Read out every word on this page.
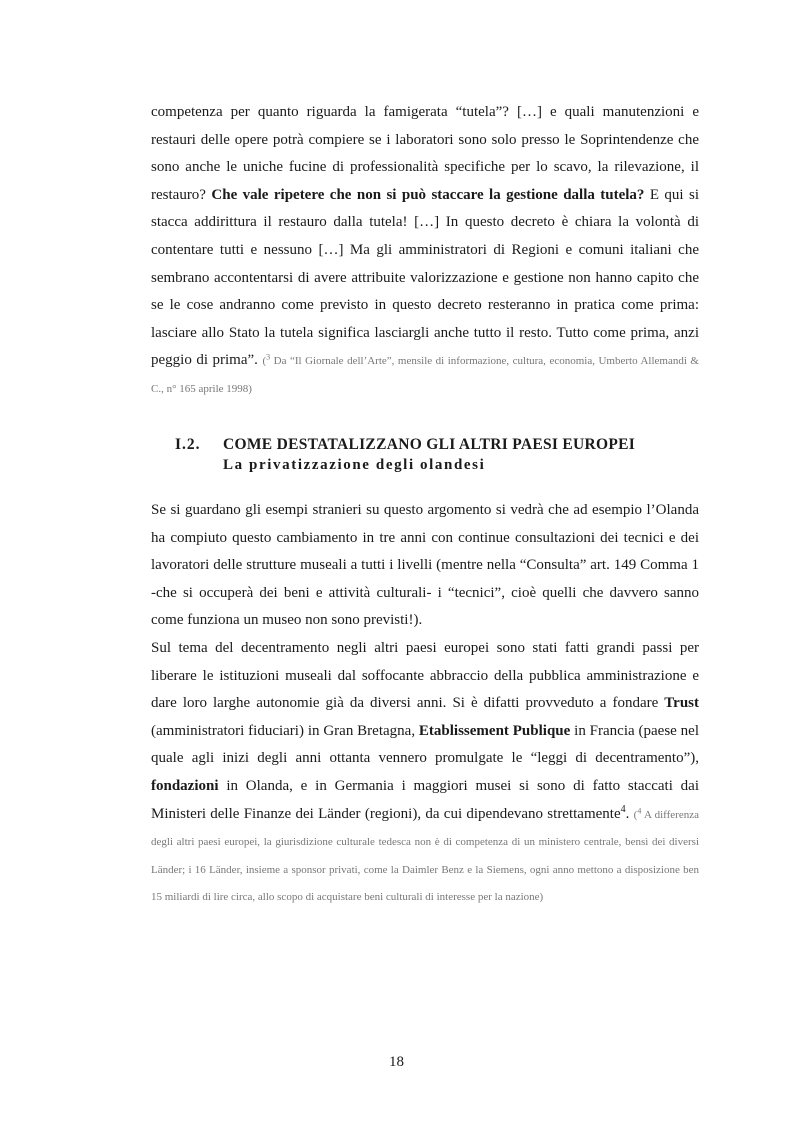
competenza per quanto riguarda la famigerata “tutela”? […] e quali manutenzioni e restauri delle opere potrà compiere se i laboratori sono solo presso le Soprintendenze che sono anche le uniche fucine di professionalità specifiche per lo scavo, la rilevazione, il restauro? Che vale ripetere che non si può staccare la gestione dalla tutela? E qui si stacca addirittura il restauro dalla tutela! […] In questo decreto è chiara la volontà di contentare tutti e nessuno […] Ma gli amministratori di Regioni e comuni italiani che sembrano accontentarsi di avere attribuite valorizzazione e gestione non hanno capito che se le cose andranno come previsto in questo decreto resteranno in pratica come prima: lasciare allo Stato la tutela significa lasciargli anche tutto il resto. Tutto come prima, anzi peggio di prima”. ($^3$ Da “Il Giornale dell’Arte”, mensile di informazione, cultura, economia, Umberto Allemandi & C., n° 165 aprile 1998)

I.2.	COME DESTATALIZZANO GLI ALTRI PAESI EUROPEI
La privatizzazione degli olandesi

Se si guardano gli esempi stranieri su questo argomento si vedrà che ad esempio l’Olanda ha compiuto questo cambiamento in tre anni con continue consultazioni dei tecnici e dei lavoratori delle strutture museali a tutti i livelli (mentre nella “Consulta” art. 149 Comma 1 -che si occuperà dei beni e attività culturali- i “tecnici”, cioè quelli che davvero sanno come funziona un museo non sono previsti!).

Sul tema del decentramento negli altri paesi europei sono stati fatti grandi passi per liberare le istituzioni museali dal soffocante abbraccio della pubblica amministrazione e dare loro larghe autonomie già da diversi anni. Si è difatti provveduto a fondare Trust (amministratori fiduciari) in Gran Bretagna, Etablissement Publique in Francia (paese nel quale agli inizi degli anni ottanta vennero promulgate le “leggi di decentramento”), fondazioni in Olanda, e in Germania i maggiori musei si sono di fatto staccati dai Ministeri delle Finanze dei Länder (regioni), da cui dipendevano strettamente$^4$. ($^4$ A differenza degli altri paesi europei, la giurisdizione culturale tedesca non è di competenza di un ministero centrale, bensì dei diversi Länder; i 16 Länder, insieme a sponsor privati, come la Daimler Benz e la Siemens, ogni anno mettono a disposizione ben 15 miliardi di lire circa, allo scopo di acquistare beni culturali di interesse per la nazione)

18
